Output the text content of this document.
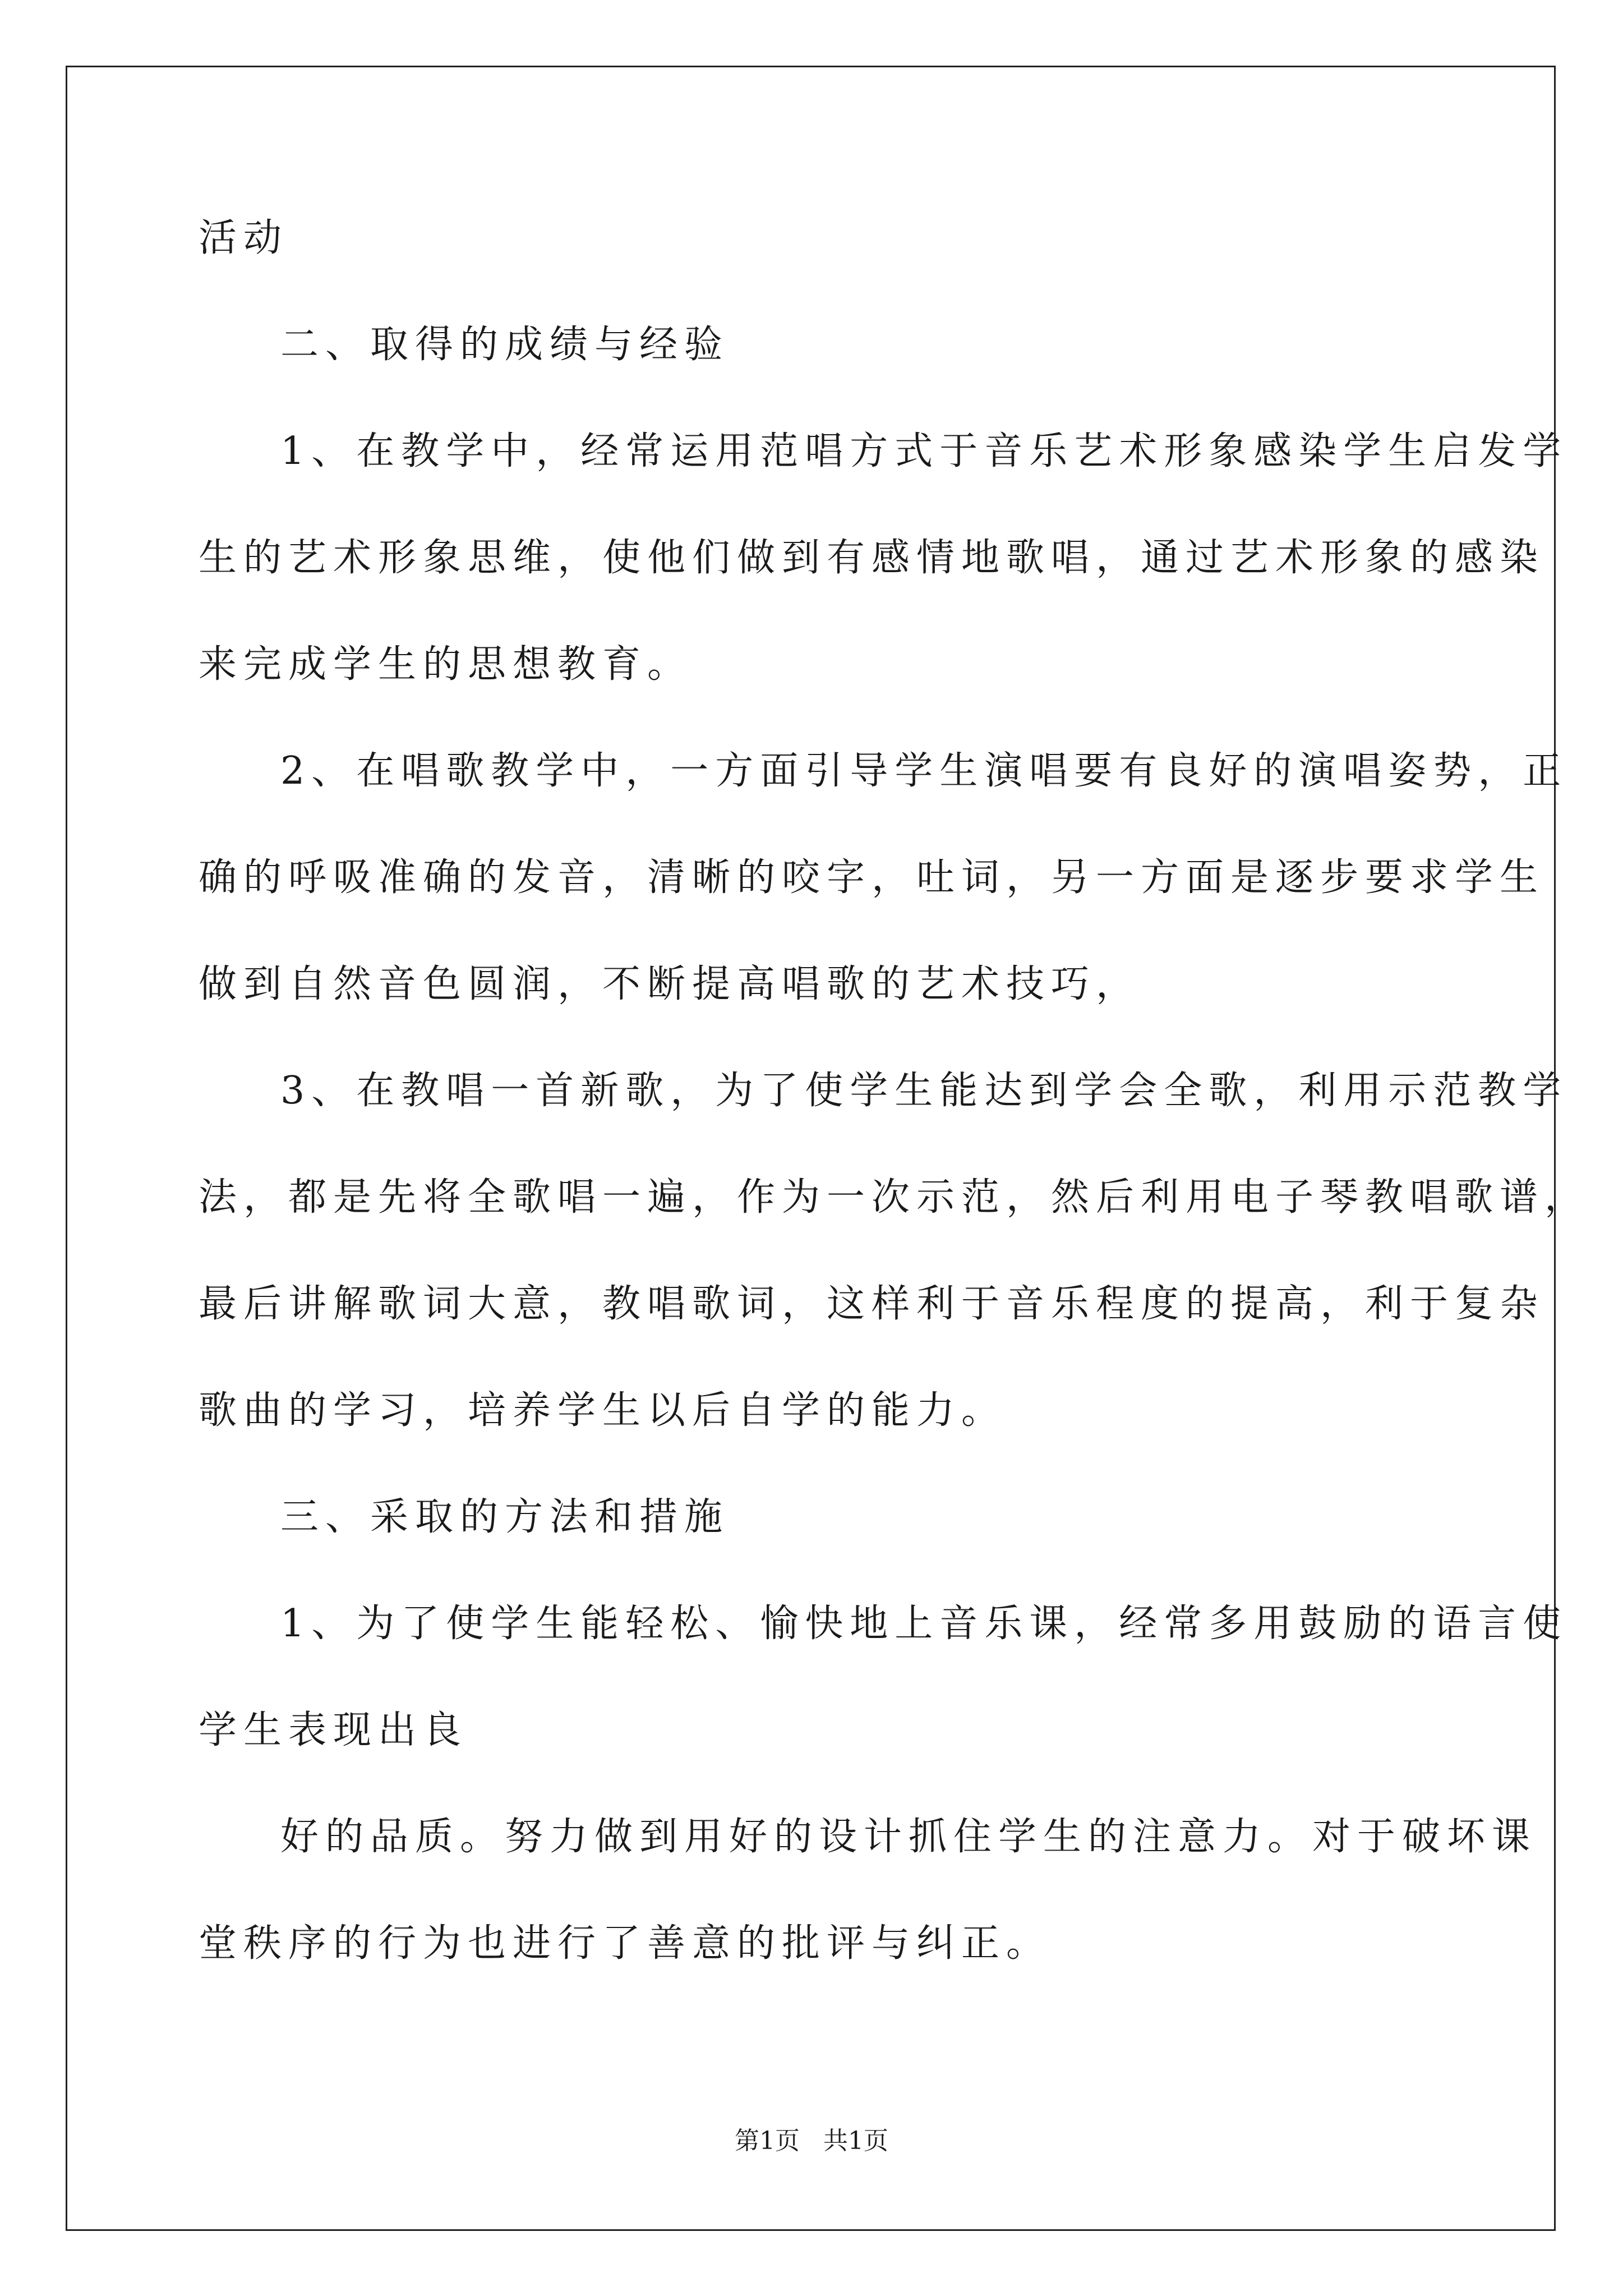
活动
二、取得的成绩与经验
1、在教学中，经常运用范唱方式于音乐艺术形象感染学生启发学
生的艺术形象思维，使他们做到有感情地歌唱，通过艺术形象的感染
来完成学生的思想教育。
2、在唱歌教学中，一方面引导学生演唱要有良好的演唱姿势，正
确的呼吸准确的发音，清晰的咬字，吐词，另一方面是逐步要求学生
做到自然音色圆润，不断提高唱歌的艺术技巧，
3、在教唱一首新歌，为了使学生能达到学会全歌，利用示范教学
法，都是先将全歌唱一遍，作为一次示范，然后利用电子琴教唱歌谱，
最后讲解歌词大意，教唱歌词，这样利于音乐程度的提高，利于复杂
歌曲的学习，培养学生以后自学的能力。
三、采取的方法和措施
1、为了使学生能轻松、愉快地上音乐课，经常多用鼓励的语言使
学生表现出良
好的品质。努力做到用好的设计抓住学生的注意力。对于破坏课
堂秩序的行为也进行了善意的批评与纠正。
第1页 共1页
